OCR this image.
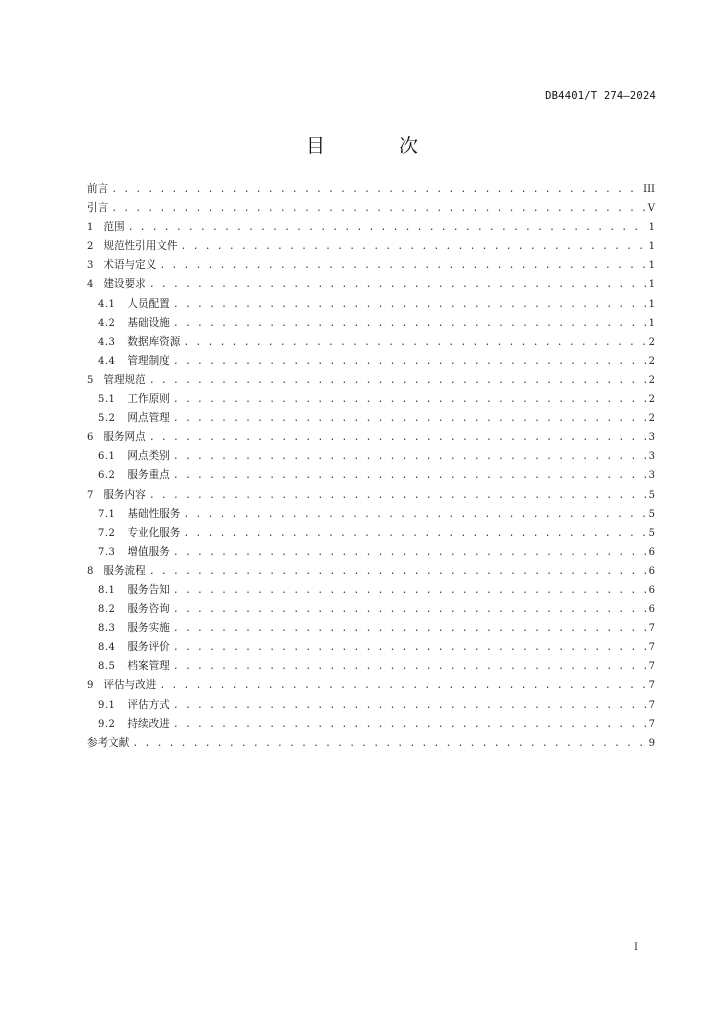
DB4401/T 274—2024
目 次
前言 . . .	III
引言 . . .	V
1 范围 . . .	1
2 规范性引用文件 . . .	1
3 术语与定义 . . .	1
4 建设要求 . . .	1
4.1 人员配置 . . .	1
4.2 基础设施 . . .	1
4.3 数据库资源 . . .	2
4.4 管理制度 . . .	2
5 管理规范 . . .	2
5.1 工作原则 . . .	2
5.2 网点管理 . . .	2
6 服务网点 . . .	3
6.1 网点类别 . . .	3
6.2 服务重点 . . .	3
7 服务内容 . . .	5
7.1 基础性服务 . . .	5
7.2 专业化服务 . . .	5
7.3 增值服务 . . .	6
8 服务流程 . . .	6
8.1 服务告知 . . .	6
8.2 服务咨询 . . .	6
8.3 服务实施 . . .	7
8.4 服务评价 . . .	7
8.5 档案管理 . . .	7
9 评估与改进 . . .	7
9.1 评估方式 . . .	7
9.2 持续改进 . . .	7
参考文献 . . .	9
I
